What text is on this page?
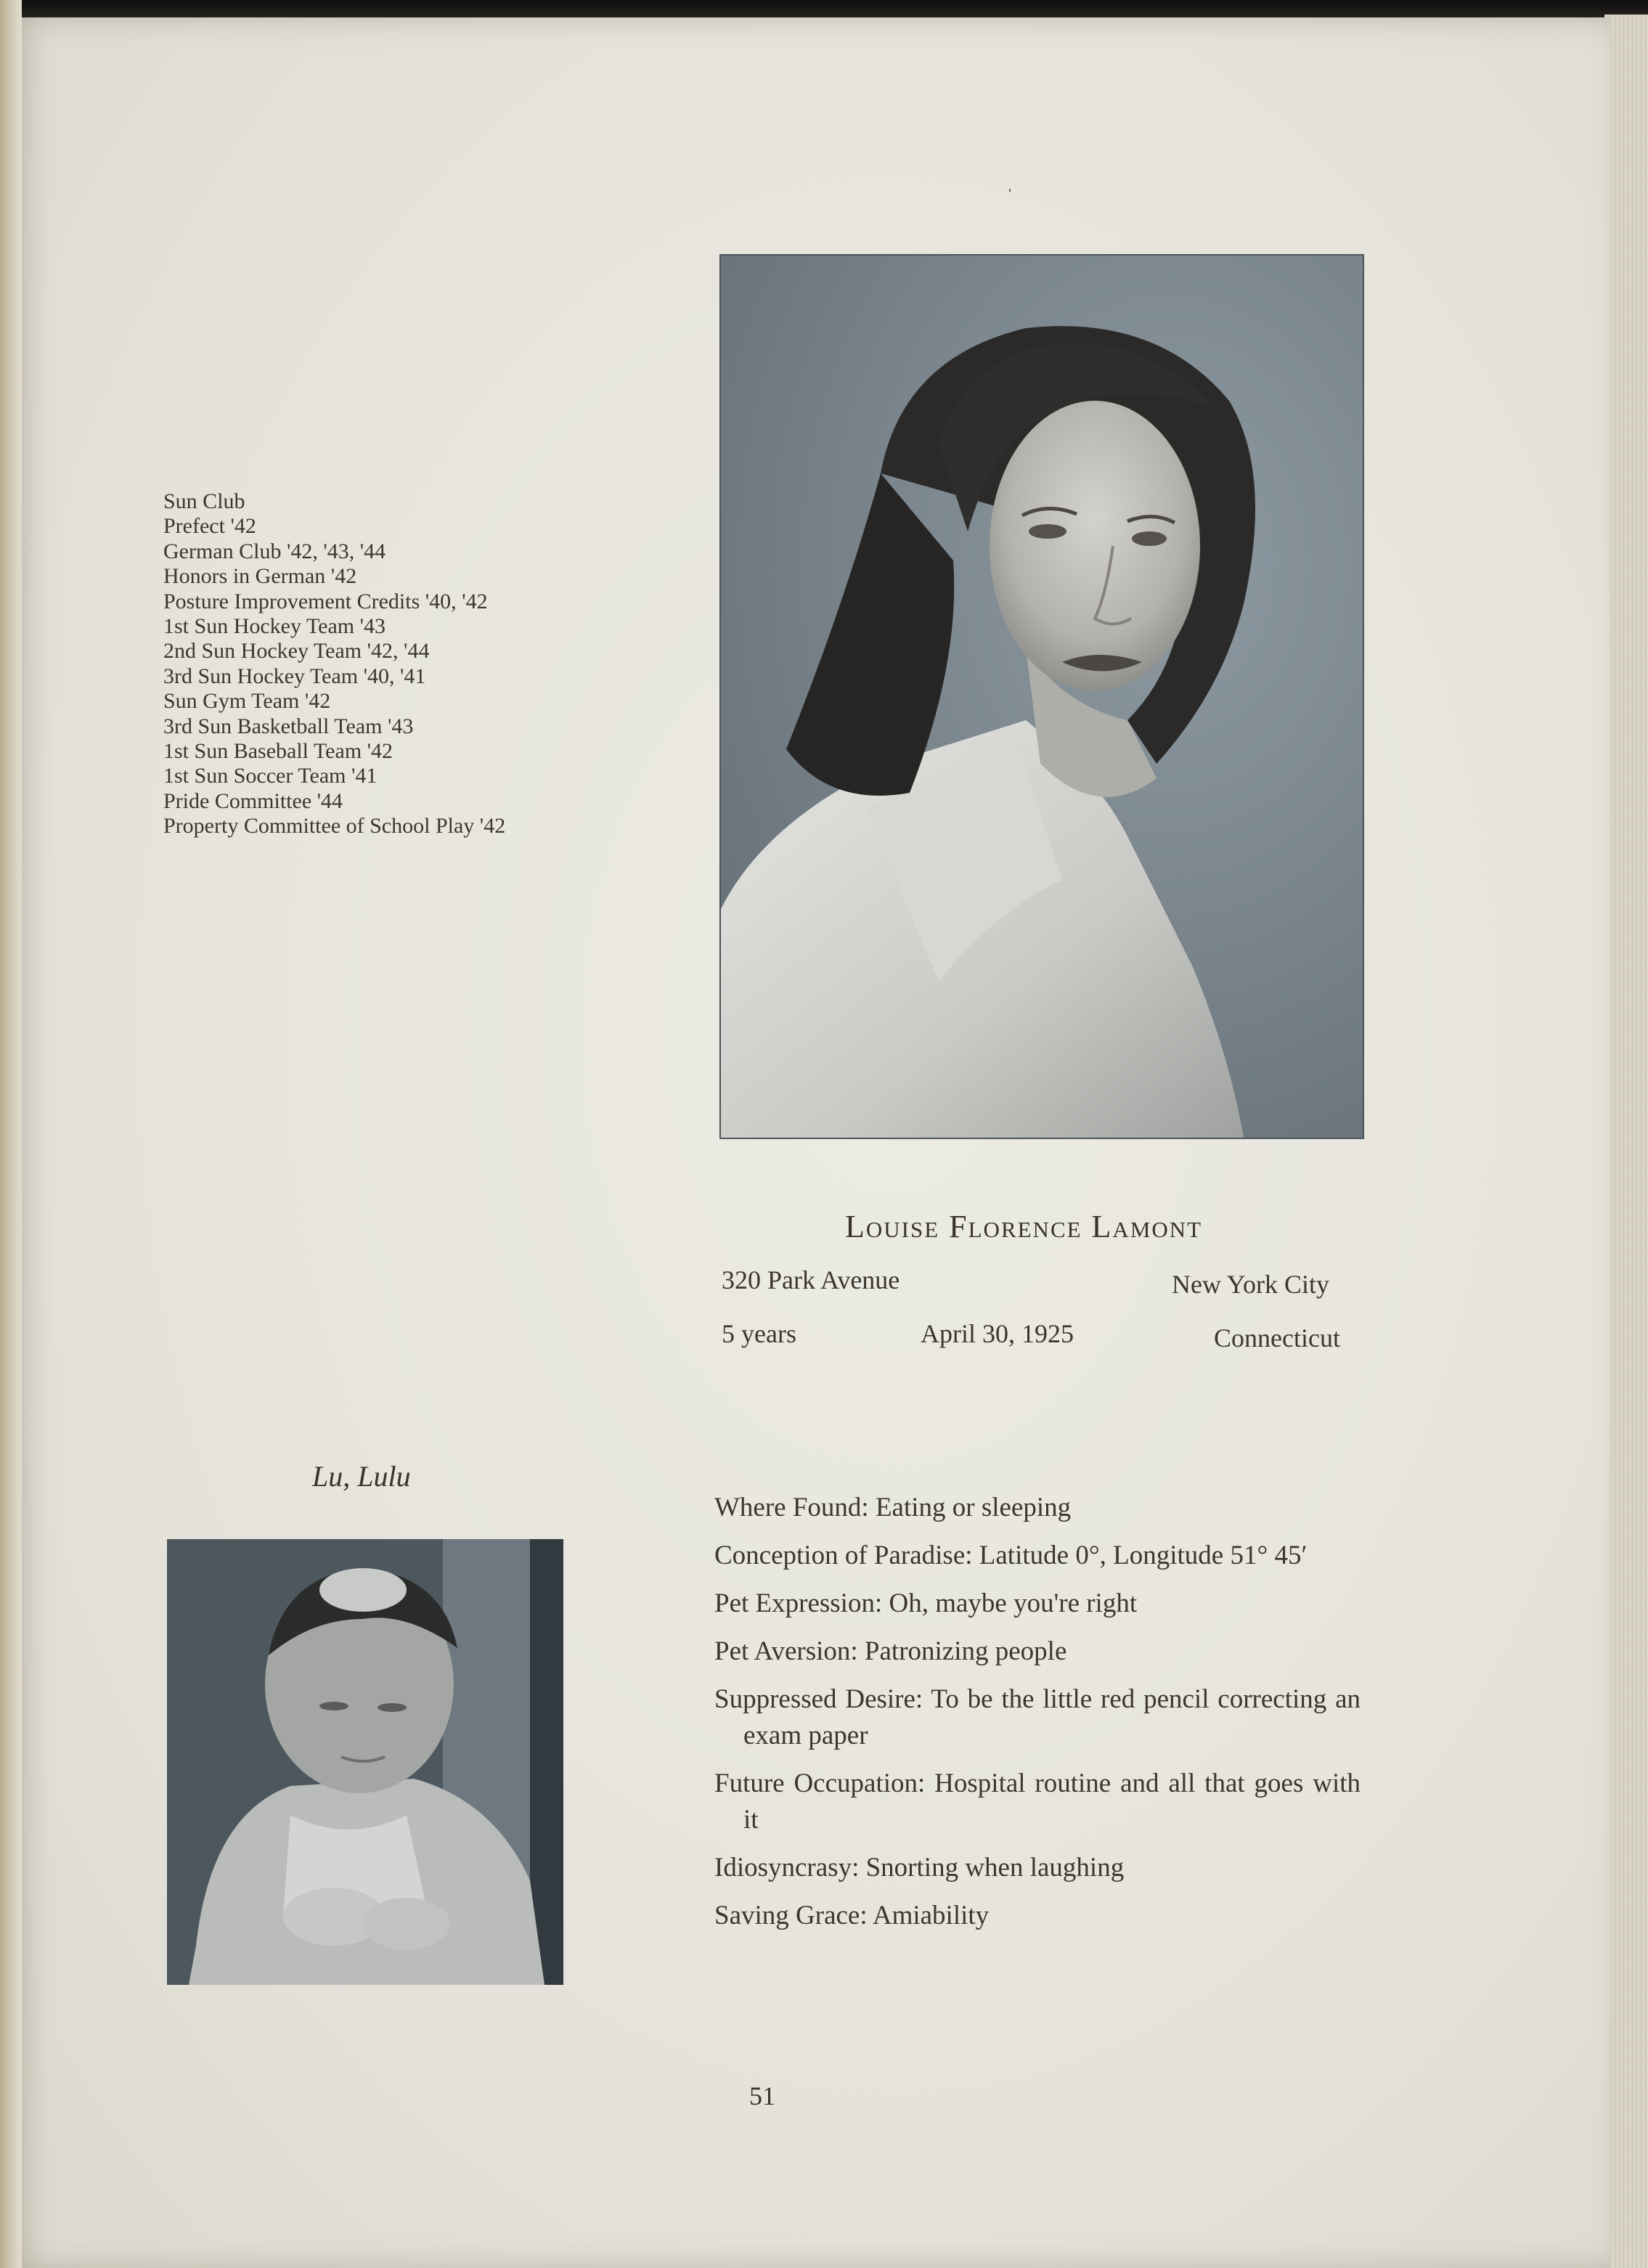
ˌ
Sun Club
Prefect '42
German Club '42, '43, '44
Honors in German '42
Posture Improvement Credits '40, '42
1st Sun Hockey Team '43
2nd Sun Hockey Team '42, '44
3rd Sun Hockey Team '40, '41
Sun Gym Team '42
3rd Sun Basketball Team '43
1st Sun Baseball Team '42
1st Sun Soccer Team '41
Pride Committee '44
Property Committee of School Play '42
Louise Florence Lamont
320 Park Avenue	New York City
5 years	April 30, 1925	Connecticut
Lu, Lulu

Where Found : Eating or sleeping

Conception of Paradise : Latitude 0°, Longitude 51° 45′

Pet Expression : Oh, maybe you're right

Pet Aversion : Patronizing people

Suppressed Desire : To be the little red pencil correcting an exam paper

Future Occupation : Hospital routine and all that goes with it

Idiosyncrasy : Snorting when laughing

Saving Grace : Amiability

51
